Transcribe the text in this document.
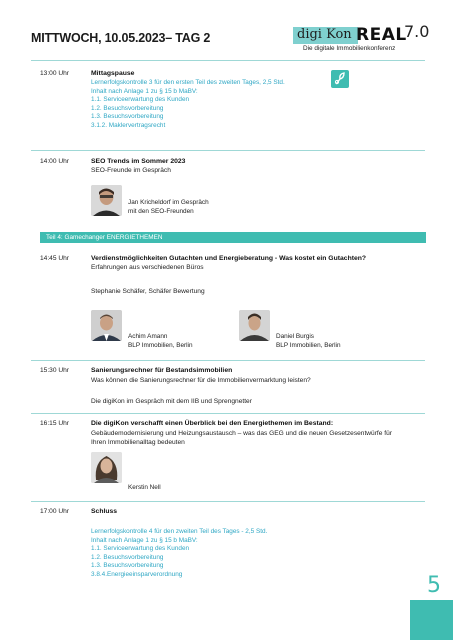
MITTWOCH, 10.05.2023– TAG 2	digi Kon REAL
7.0
Die digitale Immobilienkonferenz
13:00 Uhr	Mittagspause
Lernerfolgskontrolle 3 für den ersten Teil des zweiten Tages, 2,5 Std.
Inhalt nach Anlage 1 zu § 15 b MaBV:
1.1. Serviceerwartung des Kunden
1.2. Besuchsvorbereitung
1.3. Besuchsvorbereitung
3.1.2. Maklervertragsrecht
14:00 Uhr	SEO Trends im Sommer 2023
SEO-Freunde im Gespräch
Jan Kricheldorf im Gespräch
mit den SEO-Freunden
Teil 4: Gamechanger ENERGIETHEMEN
14:45 Uhr	Verdienstmöglichkeiten Gutachten und Energieberatung - Was kostet ein Gutachten?
Erfahrungen aus verschiedenen Büros
Stephanie Schäfer, Schäfer Bewertung
Achim Amann
BLP Immobilien, Berlin
Daniel Burgis
BLP Immobilien, Berlin
15:30 Uhr	Sanierungsrechner für Bestandsimmobilien
Was können die Sanierungsrechner für die Immobilienvermarktung leisten?
Die digiKon im Gespräch mit dem IIB und Sprengnetter
16:15 Uhr	Die digiKon verschafft einen Überblick bei den Energiethemen im Bestand:
Gebäudemodernisierung und Heizungsaustausch – was das GEG und die neuen Gesetzesentwürfe für
Ihren Immobilienalltag bedeuten
Kerstin Nell
17:00 Uhr	Schluss
Lernerfolgskontrolle 4 für den zweiten Teil des Tages - 2,5 Std.
Inhalt nach Anlage 1 zu § 15 b MaBV:
1.1. Serviceerwartung des Kunden
1.2. Besuchsvorbereitung
1.3. Besuchsvorbereitung
3.8.4.Energieeinsparverordnung	5
